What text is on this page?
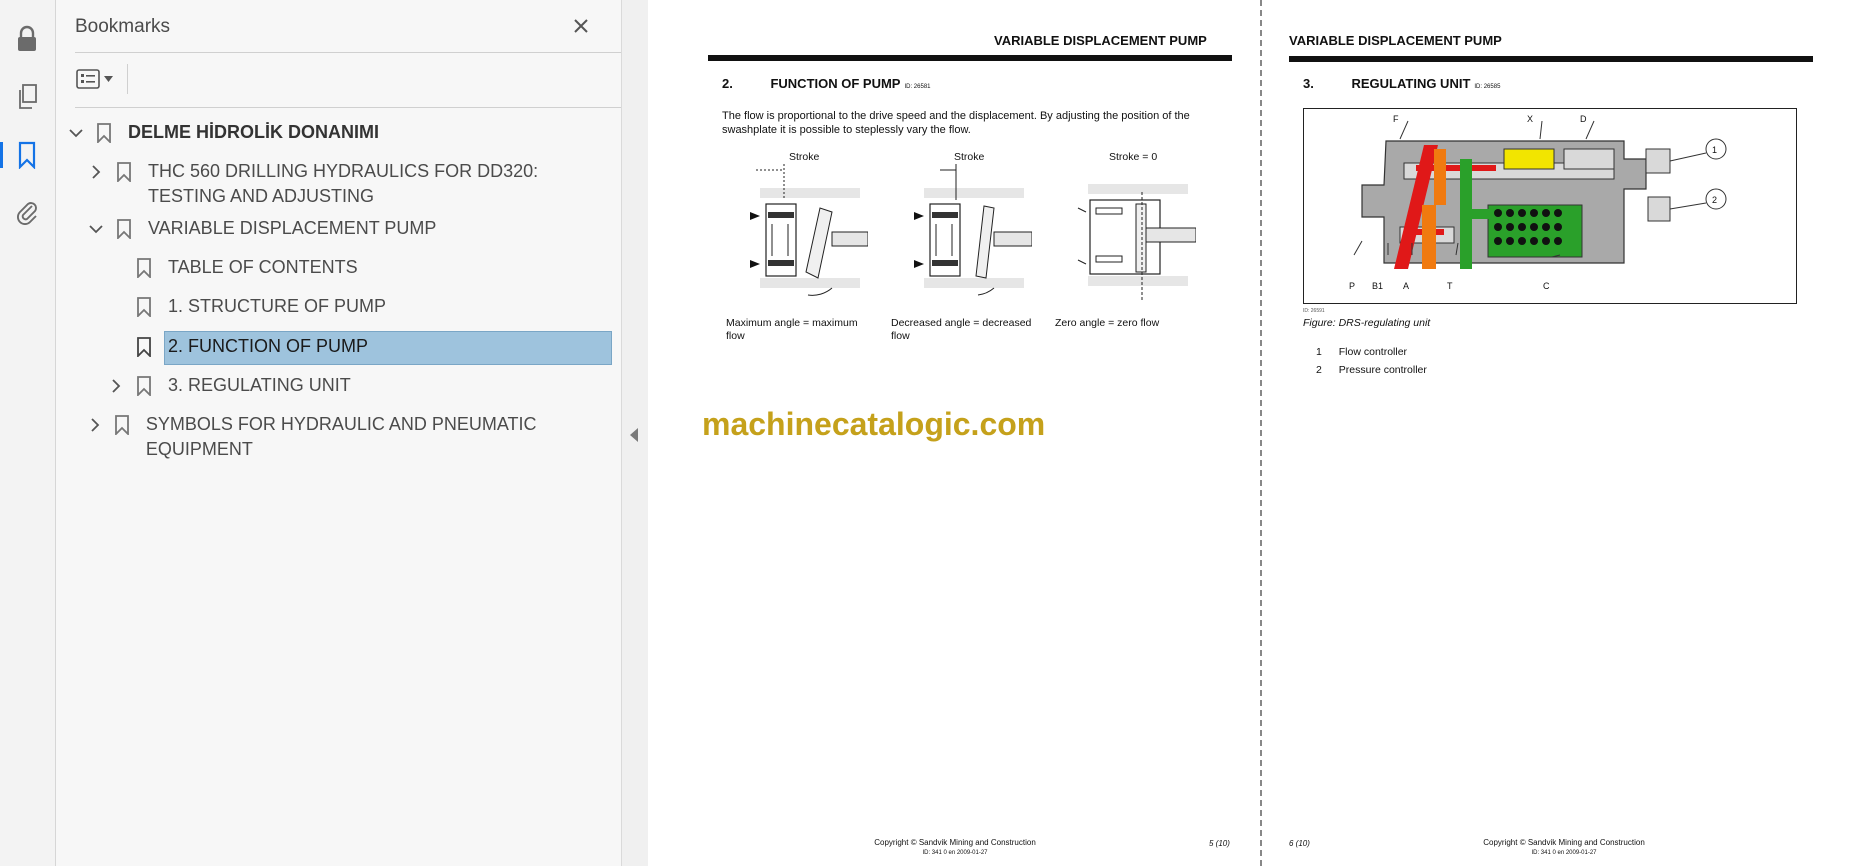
Bookmarks
DELME HİDROLİK DONANIMI
THC 560 DRILLING HYDRAULICS FOR DD320: TESTING AND ADJUSTING
VARIABLE DISPLACEMENT PUMP
TABLE OF CONTENTS
1. STRUCTURE OF PUMP
2. FUNCTION OF PUMP
3. REGULATING UNIT
SYMBOLS FOR HYDRAULIC AND PNEUMATIC EQUIPMENT
VARIABLE DISPLACEMENT PUMP
2.	FUNCTION OF PUMP ID: 26581
The flow is proportional to the drive speed and the displacement. By adjusting the position of the swashplate it is possible to steplessly vary the flow.
Stroke	Stroke	Stroke = 0
Maximum angle = maximum flow
Decreased angle = decreased flow
Zero angle = zero flow
machinecatalogic.com
Copyright © Sandvik Mining and Construction
ID: 341 0 en 2009-01-27
5 (10)
VARIABLE DISPLACEMENT PUMP
3.	REGULATING UNIT ID: 26585
F	X	D
1
2
P B1 A	T	C
ID: 26591
Figure: DRS-regulating unit
1 Flow controller
2 Pressure controller
6 (10)	Copyright © Sandvik Mining and Construction
ID: 341 0 en 2009-01-27
